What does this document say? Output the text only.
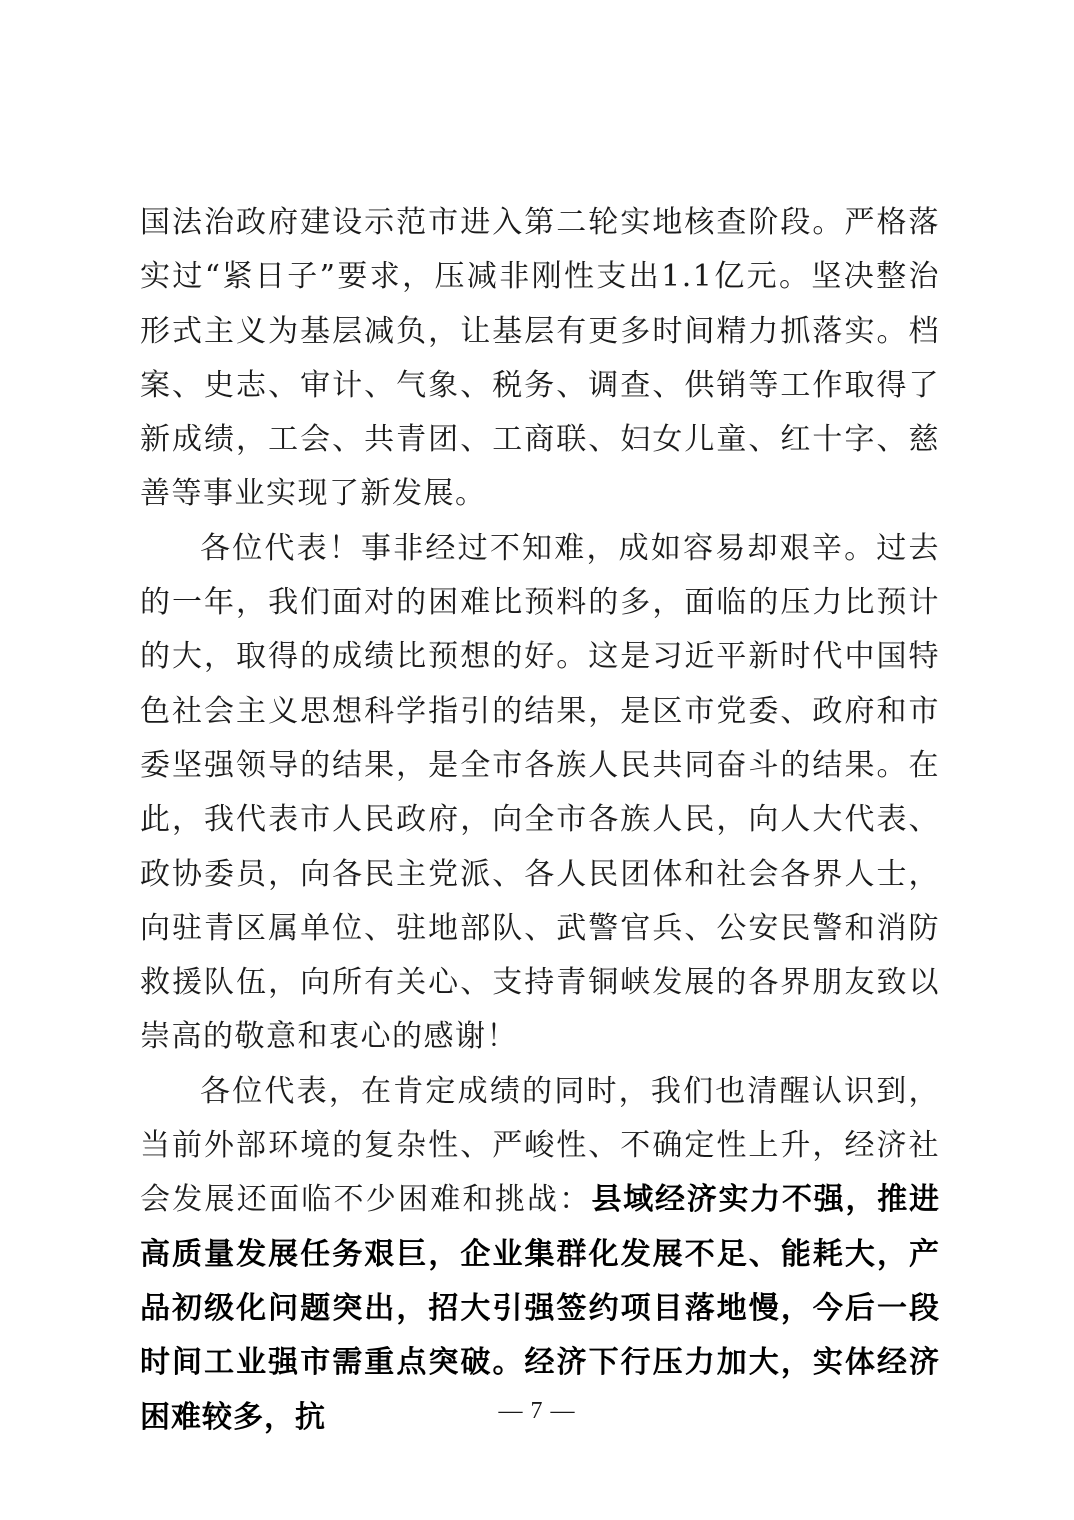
国法治政府建设示范市进入第二轮实地核查阶段。严格落实过“紧日子”要求，压减非刚性支出1.1亿元。坚决整治形式主义为基层减负，让基层有更多时间精力抓落实。档案、史志、审计、气象、税务、调查、供销等工作取得了新成绩，工会、共青团、工商联、妇女儿童、红十字、慈善等事业实现了新发展。

各位代表！事非经过不知难，成如容易却艰辛。过去的一年，我们面对的困难比预料的多，面临的压力比预计的大，取得的成绩比预想的好。这是习近平新时代中国特色社会主义思想科学指引的结果，是区市党委、政府和市委坚强领导的结果，是全市各族人民共同奋斗的结果。在此，我代表市人民政府，向全市各族人民，向人大代表、政协委员，向各民主党派、各人民团体和社会各界人士，向驻青区属单位、驻地部队、武警官兵、公安民警和消防救援队伍，向所有关心、支持青铜峡发展的各界朋友致以崇高的敬意和衷心的感谢！

各位代表，在肯定成绩的同时，我们也清醒认识到，当前外部环境的复杂性、严峻性、不确定性上升，经济社会发展还面临不少困难和挑战：县域经济实力不强，推进高质量发展任务艰巨，企业集群化发展不足、能耗大，产品初级化问题突出，招大引强签约项目落地慢，今后一段时间工业强市需重点突破。经济下行压力加大，实体经济困难较多，抗	— 7 —
